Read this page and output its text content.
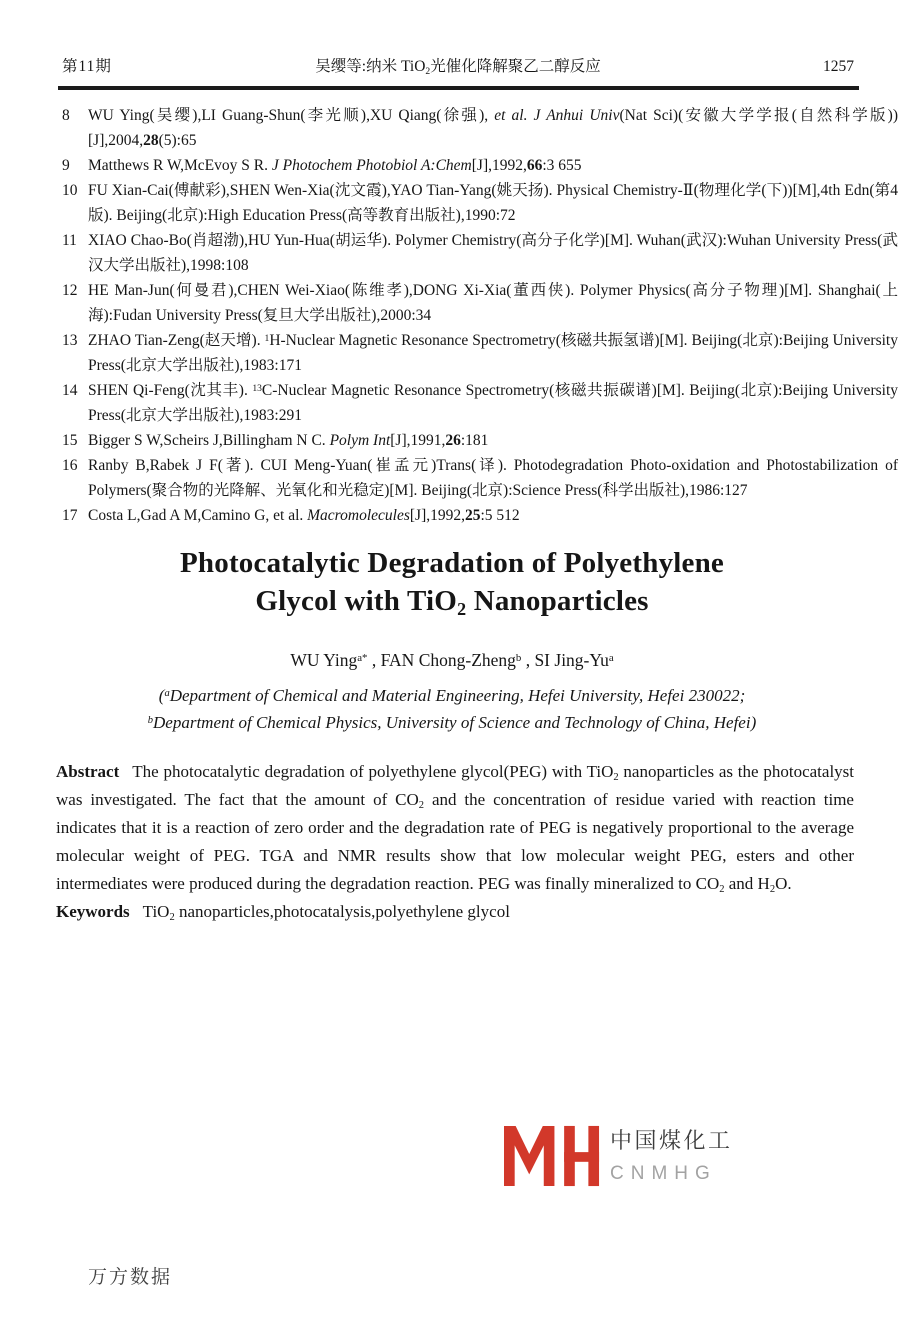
第11期	吴缨等:纳米 TiO$_2$光催化降解聚乙二醇反应	1257
8	WU Ying(吴缨),LI Guang-Shun(李光顺),XU Qiang(徐强), et al. J Anhui Univ(Nat Sci)(安徽大学学报(自然科学版))[J],2004,28(5):65
9	Matthews R W,McEvoy S R. J Photochem Photobiol A:Chem[J],1992,66:3 655
10 FU Xian-Cai(傅献彩),SHEN Wen-Xia(沈文霞),YAO Tian-Yang(姚天扬). Physical Chemistry-Ⅱ(物理化学(下))[M],4th Edn(第4版). Beijing(北京):High Education Press(高等教育出版社),1990:72
11 XIAO Chao-Bo(肖超渤),HU Yun-Hua(胡运华). Polymer Chemistry(高分子化学)[M]. Wuhan(武汉):Wuhan University Press(武汉大学出版社),1998:108
12 HE Man-Jun(何曼君),CHEN Wei-Xiao(陈维孝),DONG Xi-Xia(董西侠). Polymer Physics(高分子物理)[M]. Shanghai(上海):Fudan University Press(复旦大学出版社),2000:34
13 ZHAO Tian-Zeng(赵天增). $^1$H-Nuclear Magnetic Resonance Spectrometry(核磁共振氢谱)[M]. Beijing(北京):Beijing University Press(北京大学出版社),1983:171
14 SHEN Qi-Feng(沈其丰). $^{13}$C-Nuclear Magnetic Resonance Spectrometry(核磁共振碳谱)[M]. Beijing(北京):Beijing University Press(北京大学出版社),1983:291
15 Bigger S W,Scheirs J,Billingham N C. Polym Int[J],1991,26:181
16 Ranby B,Rabek J F(著). CUI Meng-Yuan(崔孟元)Trans(译). Photodegradation Photo-oxidation and Photostabilization of Polymers(聚合物的光降解、光氧化和光稳定)[M]. Beijing(北京):Science Press(科学出版社),1986:127
17 Costa L,Gad A M,Camino G, et al. Macromolecules[J],1992,25:5 512
Photocatalytic Degradation of Polyethylene
Glycol with TiO$_2$ Nanoparticles
WU Ying$^{a*}$ , FAN Chong-Zheng$^b$ , SI Jing-Yu$^a$
($^a$Department of Chemical and Material Engineering, Hefei University, Hefei 230022;
$^b$Department of Chemical Physics, University of Science and Technology of China, Hefei)

Abstract The photocatalytic degradation of polyethylene glycol(PEG) with TiO$_2$ nanoparticles as the photocatalyst was investigated. The fact that the amount of $CO_2$ and the concentration of residue varied with reaction time indicates that it is a reaction of zero order and the degradation rate of PEG is negatively proportional to the average molecular weight of PEG. TGA and NMR results show that low molecular weight PEG, esters and other intermediates were produced during the degradation reaction. PEG was finally mineralized to $CO_2$ and $H_2O$.

Keywords TiO$_2$ nanoparticles,photocatalysis,polyethylene glycol

中国煤化工
CNMHG
万方数据
